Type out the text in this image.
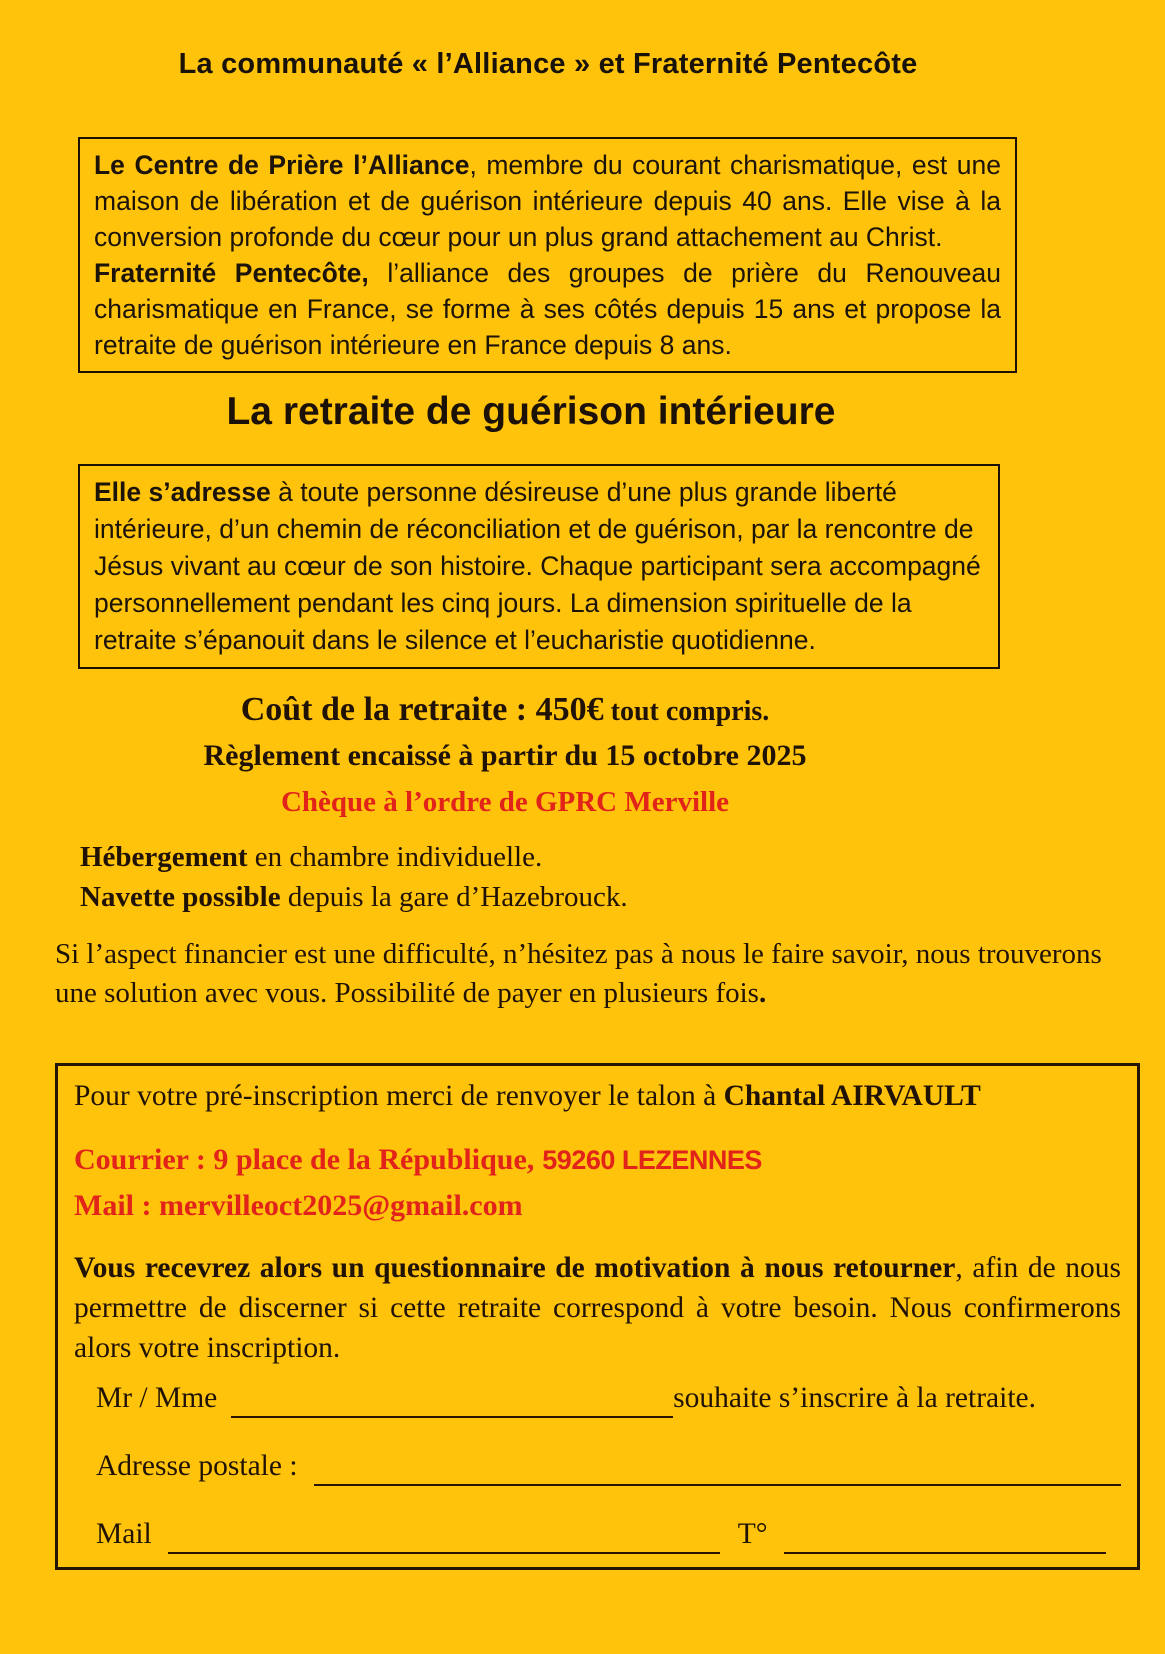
La communauté « l’Alliance » et Fraternité Pentecôte

Le Centre de Prière l’Alliance, membre du courant charismatique, est une maison de libération et de guérison intérieure depuis 40 ans. Elle vise à la conversion profonde du cœur pour un plus grand attachement au Christ.

Fraternité Pentecôte, l’alliance des groupes de prière du Renouveau charismatique en France, se forme à ses côtés depuis 15 ans et propose la retraite de guérison intérieure en France depuis 8 ans.

La retraite de guérison intérieure

Elle s’adresse à toute personne désireuse d’une plus grande liberté intérieure, d’un chemin de réconciliation et de guérison, par la rencontre de Jésus vivant au cœur de son histoire. Chaque participant sera accompagné personnellement pendant les cinq jours. La dimension spirituelle de la retraite s’épanouit dans le silence et l’eucharistie quotidienne.

Coût de la retraite : 450€ tout compris.
Règlement encaissé à partir du 15 octobre 2025
Chèque à l’ordre de GPRC Merville
Hébergement en chambre individuelle.
Navette possible depuis la gare d’Hazebrouck.

Si l’aspect financier est une difficulté, n’hésitez pas à nous le faire savoir, nous trouverons une solution avec vous. Possibilité de payer en plusieurs fois.

Pour votre pré-inscription merci de renvoyer le talon à Chantal AIRVAULT

Courrier : 9 place de la République, 59260 LEZENNES

Mail : mervilleoct2025@gmail.com

Vous recevrez alors un questionnaire de motivation à nous retourner, afin de nous permettre de discerner si cette retraite correspond à votre besoin. Nous confirmerons alors votre inscription.

Mr / Mme	souhaite s’inscrire à la retraite.
Adresse postale :
Mail	T°
